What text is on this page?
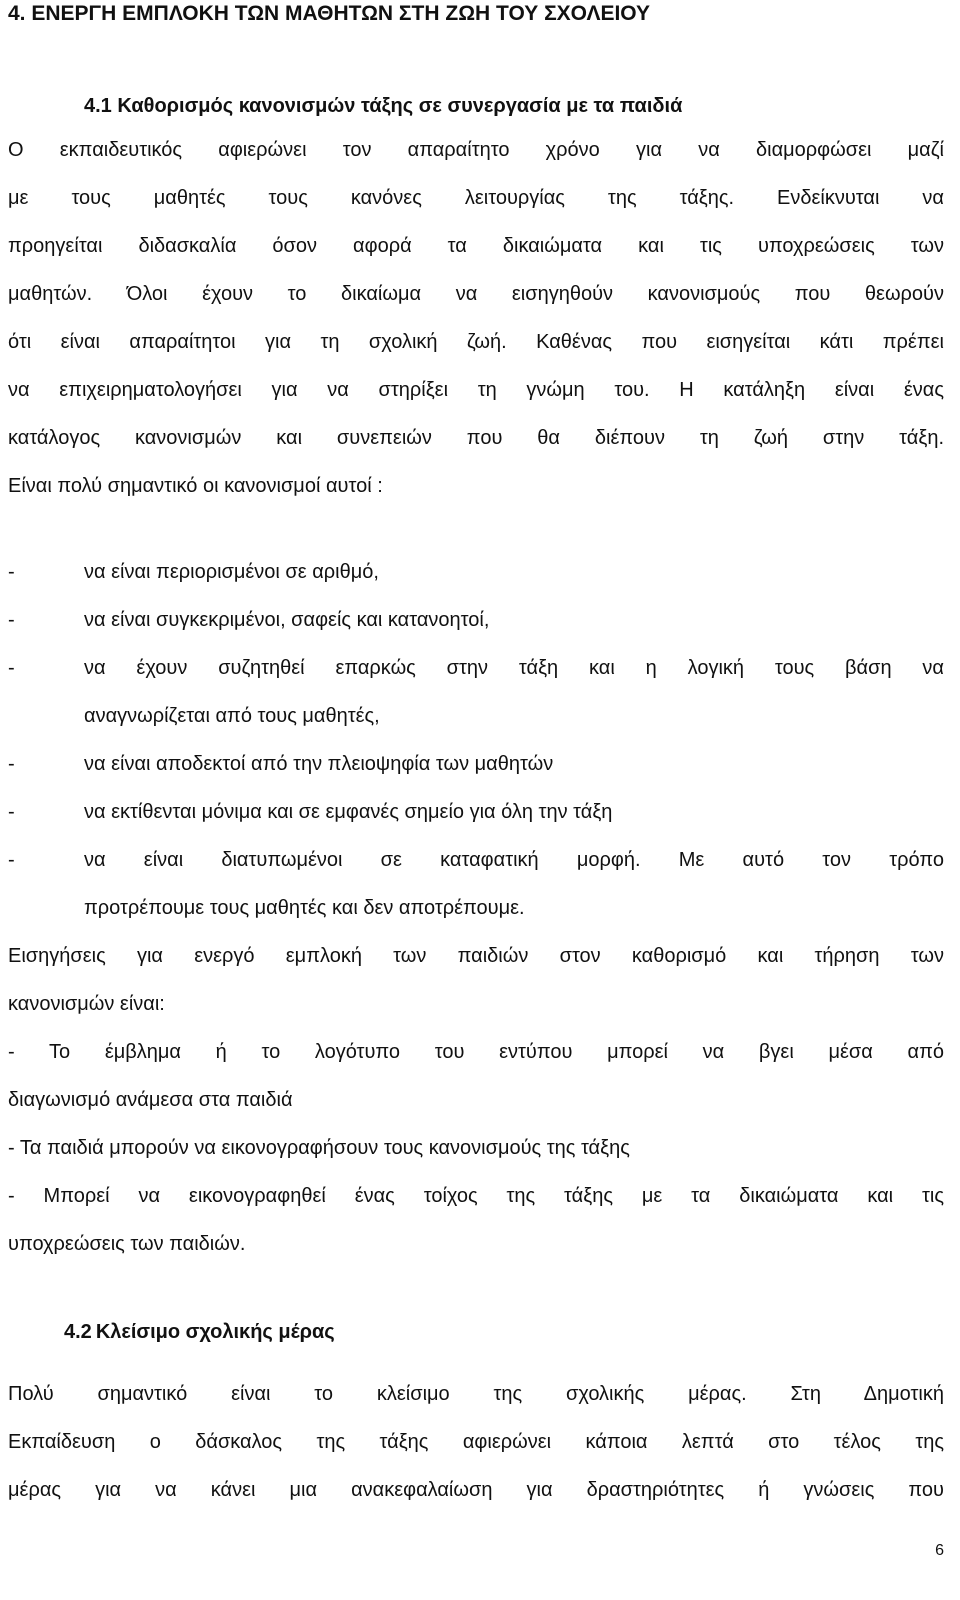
4. ΕΝΕΡΓΗ ΕΜΠΛΟΚΗ ΤΩΝ ΜΑΘΗΤΩΝ ΣΤΗ ΖΩΗ ΤΟΥ ΣΧΟΛΕΙΟΥ
4.1 Καθορισμός κανονισμών τάξης σε συνεργασία με τα παιδιά
Ο εκπαιδευτικός αφιερώνει τον απαραίτητο χρόνο για να διαμορφώσει μαζί
με τους μαθητές τους κανόνες λειτουργίας της τάξης. Ενδείκνυται να
προηγείται διδασκαλία όσον αφορά τα δικαιώματα και τις υποχρεώσεις των
μαθητών. Όλοι έχουν το δικαίωμα να εισηγηθούν κανονισμούς που θεωρούν
ότι είναι απαραίτητοι για τη σχολική ζωή. Καθένας που εισηγείται κάτι πρέπει
να επιχειρηματολογήσει για να στηρίξει τη γνώμη του. Η κατάληξη είναι ένας
κατάλογος κανονισμών και συνεπειών που θα διέπουν τη ζωή στην τάξη.
Είναι πολύ σημαντικό οι κανονισμοί αυτοί :
-	να είναι περιορισμένοι σε αριθμό,
-	να είναι συγκεκριμένοι, σαφείς και κατανοητοί,
-	να έχουν συζητηθεί επαρκώς στην τάξη και η λογική τους βάση να
αναγνωρίζεται από τους μαθητές,
-	να είναι αποδεκτοί από την πλειοψηφία των μαθητών
-	να εκτίθενται μόνιμα και σε εμφανές σημείο για όλη την τάξη
-	να είναι διατυπωμένοι σε καταφατική μορφή. Με αυτό τον τρόπο
προτρέπουμε τους μαθητές και δεν αποτρέπουμε.
Εισηγήσεις για ενεργό εμπλοκή των παιδιών στον καθορισμό και τήρηση των
κανονισμών είναι:
- Το έμβλημα ή το λογότυπο του εντύπου μπορεί να βγει μέσα από
διαγωνισμό ανάμεσα στα παιδιά
- Τα παιδιά μπορούν να εικονογραφήσουν τους κανονισμούς της τάξης
- Μπορεί να εικονογραφηθεί ένας τοίχος της τάξης με τα δικαιώματα και τις
υποχρεώσεις των παιδιών.
4.2 Κλείσιμο σχολικής μέρας
Πολύ σημαντικό είναι το κλείσιμο της σχολικής μέρας. Στη Δημοτική
Εκπαίδευση ο δάσκαλος της τάξης αφιερώνει κάποια λεπτά στο τέλος της
μέρας για να κάνει μια ανακεφαλαίωση για δραστηριότητες ή γνώσεις που
6
